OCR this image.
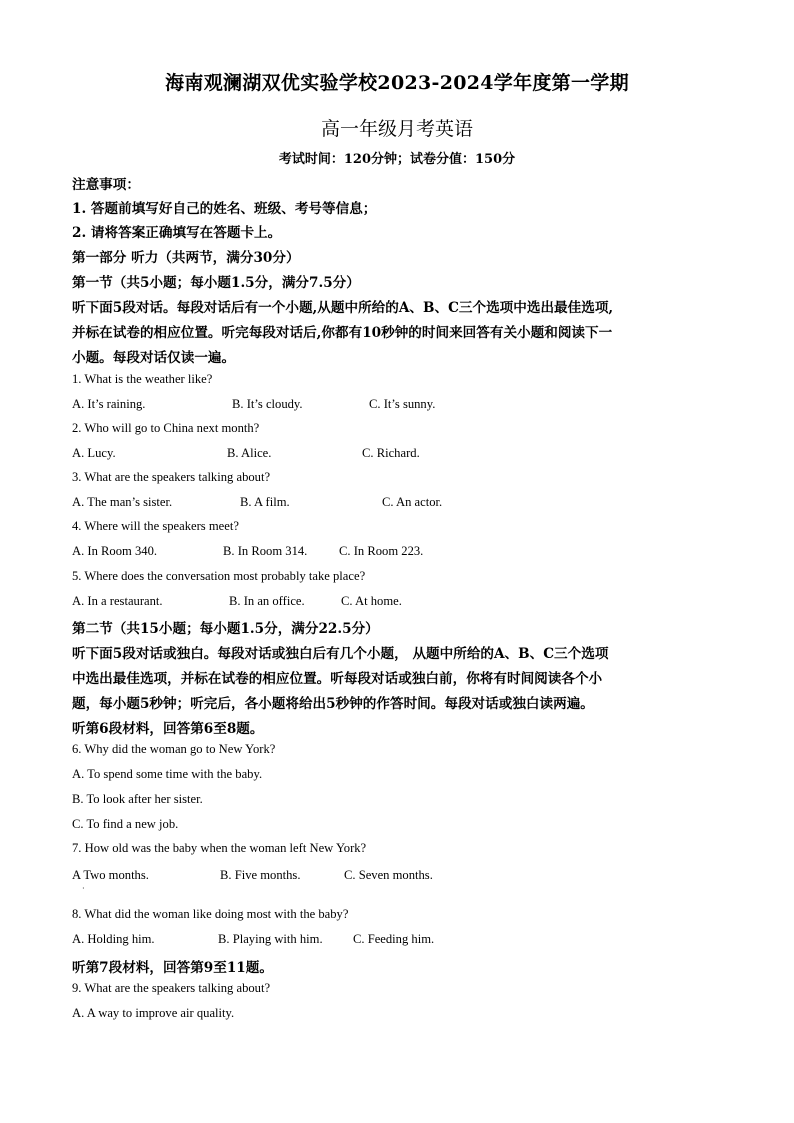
海南观澜湖双优实验学校2023-2024学年度第一学期
高一年级月考英语
考试时间：120分钟；试卷分值：150分
注意事项：
1. 答题前填写好自己的姓名、班级、考号等信息；
2. 请将答案正确填写在答题卡上。
第一部分 听力（共两节，满分30分）
第一节（共5小题；每小题1.5分，满分7.5分）
听下面5段对话。每段对话后有一个小题,从题中所给的A、B、C三个选项中选出最佳选项,
并标在试卷的相应位置。听完每段对话后,你都有10秒钟的时间来回答有关小题和阅读下一
小题。每段对话仅读一遍。
1. What is the weather like?
A. It’s raining.	B. It’s cloudy.	C. It’s sunny.
2. Who will go to China next month?
A. Lucy.	B. Alice.	C. Richard.
3. What are the speakers talking about?
A. The man’s sister.	B. A film.	C. An actor.
4. Where will the speakers meet?
A. In Room 340.	B. In Room 314.	C. In Room 223.
5. Where does the conversation most probably take place?
A. In a restaurant.	B. In an office.	C. At home.
第二节（共15小题；每小题1.5分，满分22.5分）
听下面5段对话或独白。每段对话或独白后有几个小题， 从题中所给的A、B、C三个选项
中选出最佳选项，并标在试卷的相应位置。听每段对话或独白前，你将有时间阅读各个小
题，每小题5秒钟；听完后，各小题将给出5秒钟的作答时间。每段对话或独白读两遍。
听第6段材料，回答第6至8题。
6. Why did the woman go to New York?
A. To spend some time with the baby.
B. To look after her sister.
C. To find a new job.
7. How old was the baby when the woman left New York?
A Two months.	B. Five months.	C. Seven months.
·
8. What did the woman like doing most with the baby?
A. Holding him.	B. Playing with him. C. Feeding him.
听第7段材料，回答第9至11题。
9. What are the speakers talking about?
A. A way to improve air quality.
